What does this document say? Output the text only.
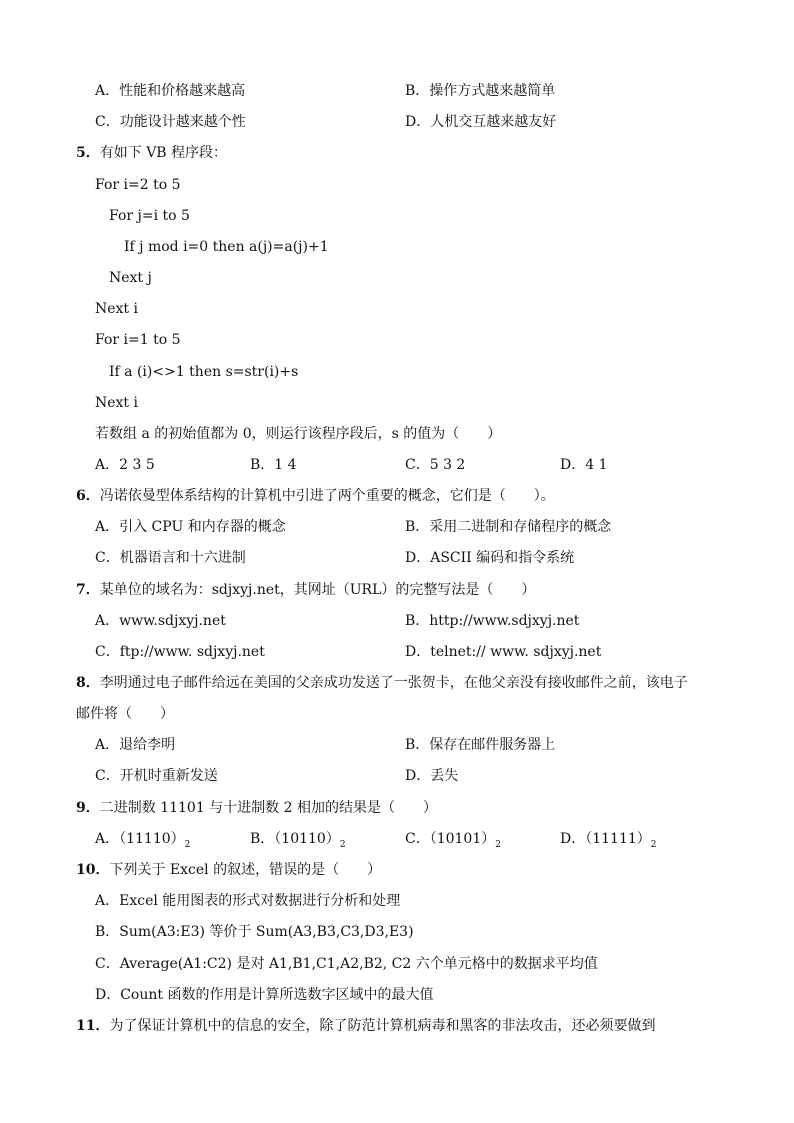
A．性能和价格越来越高	B．操作方式越来越简单
C．功能设计越来越个性	D．人机交互越来越友好
5．有如下 VB 程序段：
For i=2 to 5
For j=i to 5
If j mod i=0 then a(j)=a(j)+1
Next j
Next i
For i=1 to 5
If a (i)<>1 then s=str(i)+s
Next i
若数组 a 的初始值都为 0，则运行该程序段后，s 的值为（　　）
A．2 3 5	B．1 4	C．5 3 2	D．4 1
6．冯诺依曼型体系结构的计算机中引进了两个重要的概念，它们是（　　）。
A．引入 CPU 和内存器的概念	B．采用二进制和存储程序的概念
C．机器语言和十六进制	D．ASCII 编码和指令系统
7．某单位的域名为：sdjxyj.net，其网址（URL）的完整写法是（　　）
A．www.sdjxyj.net	B．http://www.sdjxyj.net
C．ftp://www. sdjxyj.net	D．telnet:// www. sdjxyj.net
8．李明通过电子邮件给远在美国的父亲成功发送了一张贺卡，在他父亲没有接收邮件之前，该电子
邮件将（　　）
A．退给李明	B．保存在邮件服务器上
C．开机时重新发送	D．丢失
9．二进制数 11101 与十进制数 2 相加的结果是（　　）
A．$(11110)_2$	B．$(10110)_2$	C．$(10101)_2$	D．$(11111)_2$
10．下列关于 Excel 的叙述，错误的是（　　）
A．Excel 能用图表的形式对数据进行分析和处理
B．Sum(A3:E3) 等价于 Sum(A3,B3,C3,D3,E3)
C．Average(A1:C2) 是对 A1,B1,C1,A2,B2, C2 六个单元格中的数据求平均值
D．Count 函数的作用是计算所选数字区域中的最大值
11．为了保证计算机中的信息的安全，除了防范计算机病毒和黑客的非法攻击，还必须要做到
